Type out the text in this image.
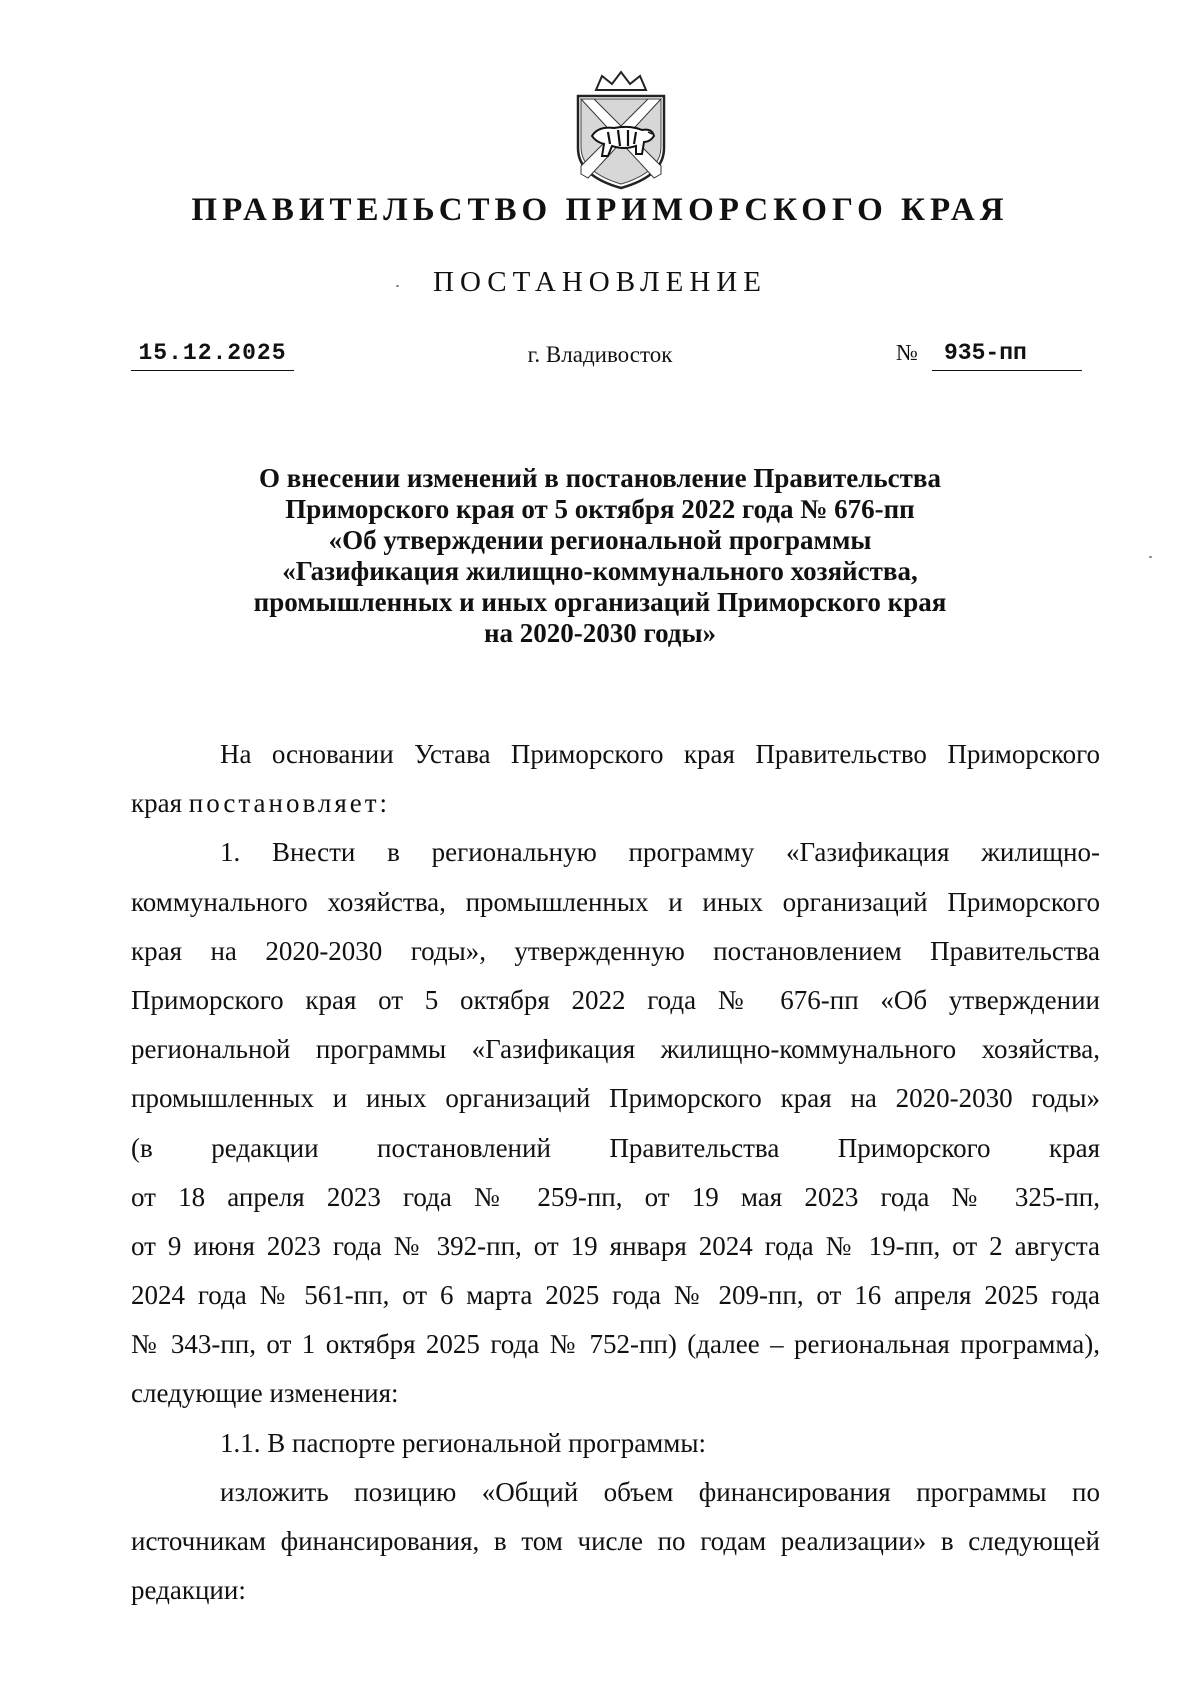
ПРАВИТЕЛЬСТВО ПРИМОРСКОГО КРАЯ
ПОСТАНОВЛЕНИЕ
15.12.2025	г. Владивосток	№	935-пп
О внесении изменений в постановление Правительства
Приморского края от 5 октября 2022 года № 676-пп
«Об утверждении региональной программы
«Газификация жилищно-коммунального хозяйства,
промышленных и иных организаций Приморского края
на 2020-2030 годы»
На основании Устава Приморского края Правительство Приморского
края постановляет:
1. Внести в региональную программу «Газификация жилищно-
коммунального хозяйства, промышленных и иных организаций Приморского
края на 2020-2030 годы», утвержденную постановлением Правительства
Приморского края от 5 октября 2022 года № 676-пп «Об утверждении
региональной программы «Газификация жилищно-коммунального хозяйства,
промышленных и иных организаций Приморского края на 2020-2030 годы»
(в редакции постановлений Правительства Приморского края
от 18 апреля 2023 года № 259-пп, от 19 мая 2023 года № 325-пп,
от 9 июня 2023 года № 392-пп, от 19 января 2024 года № 19-пп, от 2 августа
2024 года № 561-пп, от 6 марта 2025 года № 209-пп, от 16 апреля 2025 года
№ 343-пп, от 1 октября 2025 года № 752-пп) (далее – региональная программа),
следующие изменения:
1.1. В паспорте региональной программы:
изложить позицию «Общий объем финансирования программы по
источникам финансирования, в том числе по годам реализации» в следующей
редакции:
